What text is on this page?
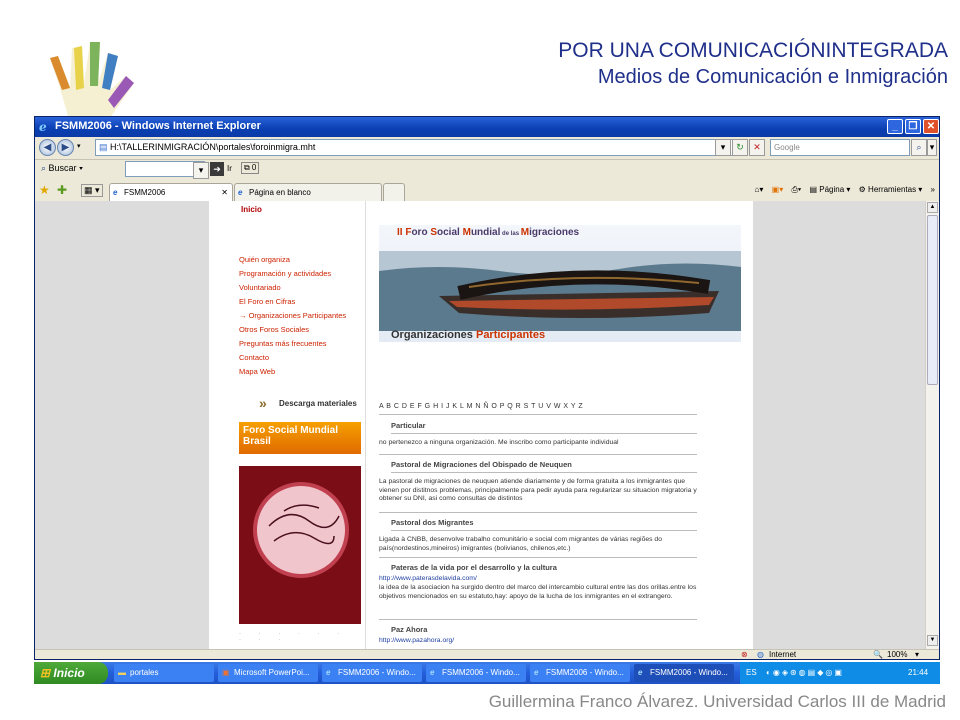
POR UNA COMUNICACIÓNINTEGRADA
Medios de Comunicación e Inmigración
e FSMM2006 - Windows Internet Explorer	_	❐ ✕
◀	▶	▾ ▤ H:\TALLERINMIGRACIÓN\portales\foroinmigra.mht	▾	↻	✕	Google	⌕ ▾
⌕ Buscar ▾	▾	➜ Ir	⧉ 0
★ ✚	▦ ▾	e FSMM2006	✕ e Página en blanco	⌂▾ ▣▾ ⎙▾ ▤ Página ▾ ⚙ Herramientas ▾ »
Inicio
Quién organiza
Programación y actividades
Voluntariado
El Foro en Cifras
→ Organizaciones Participantes
Otros Foros Sociales
Preguntas más frecuentes
Contacto
Mapa Web
» Descarga materiales
Foro Social Mundial
Brasil
· · · · · · · · ·
II Foro Social Mundial de las Migraciones
Organizaciones Participantes
A B C D E F G H I J K L M N Ñ O P Q R S T U V W X Y Z
Particular
no pertenezco a ninguna organización. Me inscribo como participante individual
Pastoral de Migraciones del Obispado de Neuquen
La pastoral de migraciones de neuquen atiende diariamente y de forma gratuita a los inmigrantes que vienen por distitnos problemas, principalmente para pedir ayuda para regularizar su situacion migratoria y obtener su DNI, asi como consultas de distintos
Pastoral dos Migrantes
Ligada à CNBB, desenvolve trabalho comunitário e social com migrantes de várias regiões do país(nordestinos,mineiros) imigrantes (bolivianos, chilenos,etc.)
Pateras de la vida por el desarrollo y la cultura
http://www.paterasdelavida.com/
la idea de la asociacion ha surgido dentro del marco del intercambio cultural entre las dos orillas.entre los objetivos mencionados en su estatuto,hay: apoyo de la lucha de los inmigrantes en el extrangero.
Paz Ahora
http://www.pazahora.org/
▲
▼
⊗ ◍ Internet	🔍 100% ▾
⊞ Inicio	▬ portales	▣ Microsoft PowerPoi...	e FSMM2006 - Windo...	e FSMM2006 - Windo...	e FSMM2006 - Windo...	e FSMM2006 - Windo...	ES ◐◉◈⊛◍▤◆◎▣	21:44
Guillermina Franco Álvarez. Universidad Carlos III de Madrid
